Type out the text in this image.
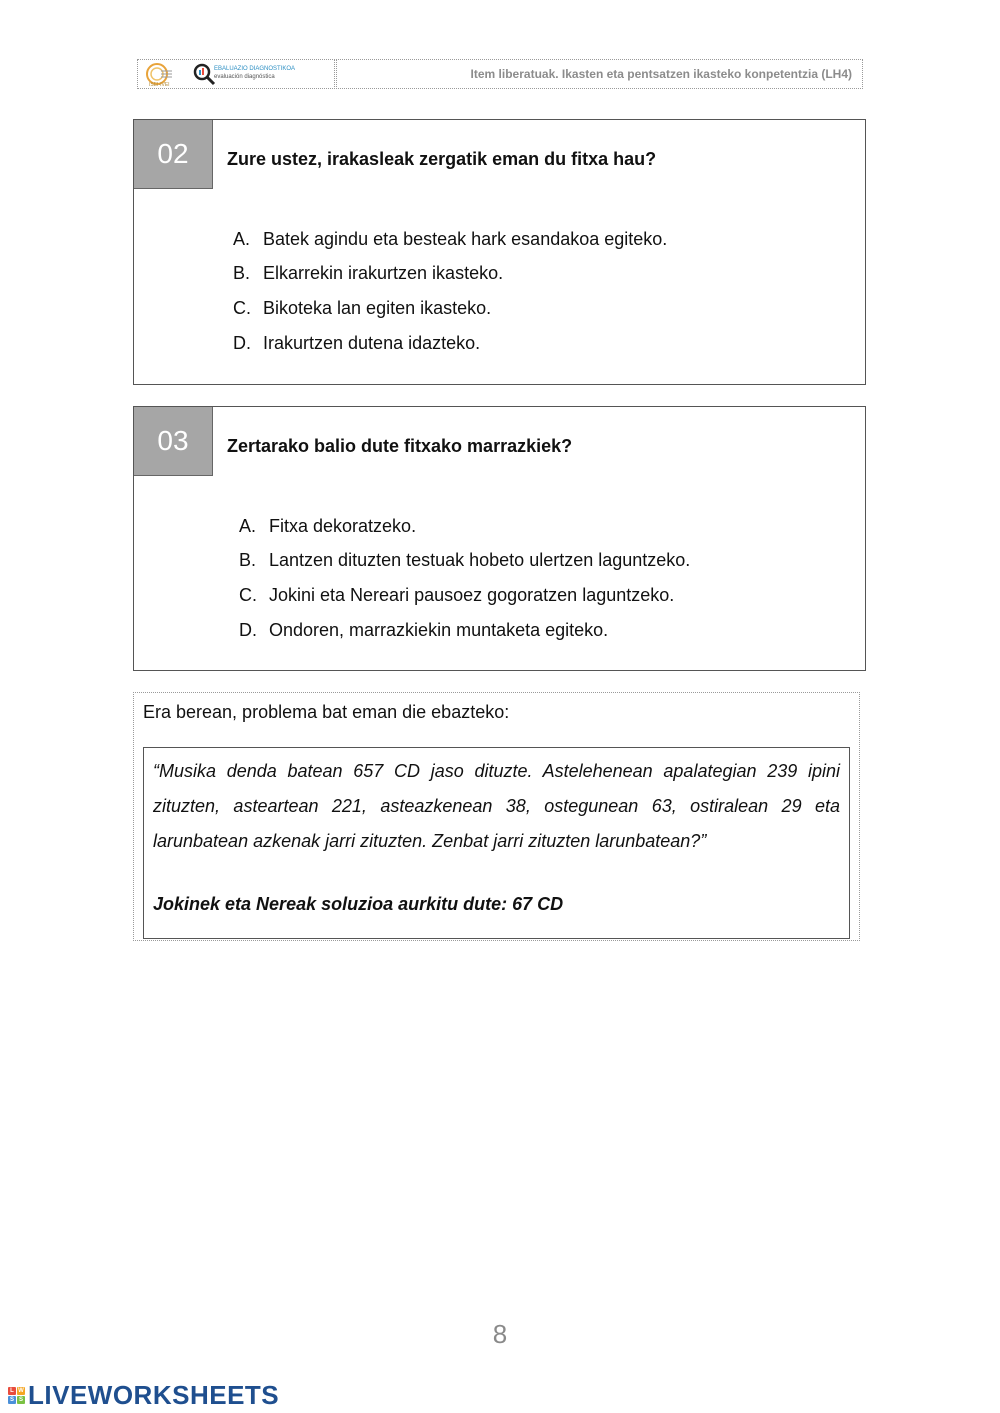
ISEI-IVEI
EBALUAZIO DIAGNOSTIKOA
evaluación diagnóstica	Item liberatuak. Ikasten eta pentsatzen ikasteko konpetentzia (LH4)
02	Zure ustez, irakasleak zergatik eman du fitxa hau?
A. Batek agindu eta besteak hark esandakoa egiteko.
B. Elkarrekin irakurtzen ikasteko.
C. Bikoteka lan egiten ikasteko.
D. Irakurtzen dutena idazteko.
03	Zertarako balio dute fitxako marrazkiek?
A. Fitxa dekoratzeko.
B. Lantzen dituzten testuak hobeto ulertzen laguntzeko.
C. Jokini eta Nereari pausoez gogoratzen laguntzeko.
D. Ondoren, marrazkiekin muntaketa egiteko.
Era berean, problema bat eman die ebazteko:

“Musika denda batean 657 CD jaso dituzte. Astelehenean apalategian 239 ipini zituzten, asteartean 221, asteazkenean 38, ostegunean 63, ostiralean 29 eta larunbatean azkenak jarri zituzten. Zenbat jarri zituzten larunbatean?”

Jokinek eta Nereak soluzioa aurkitu dute: 67 CD
8
L W
S S LIVEWORKSHEETS
